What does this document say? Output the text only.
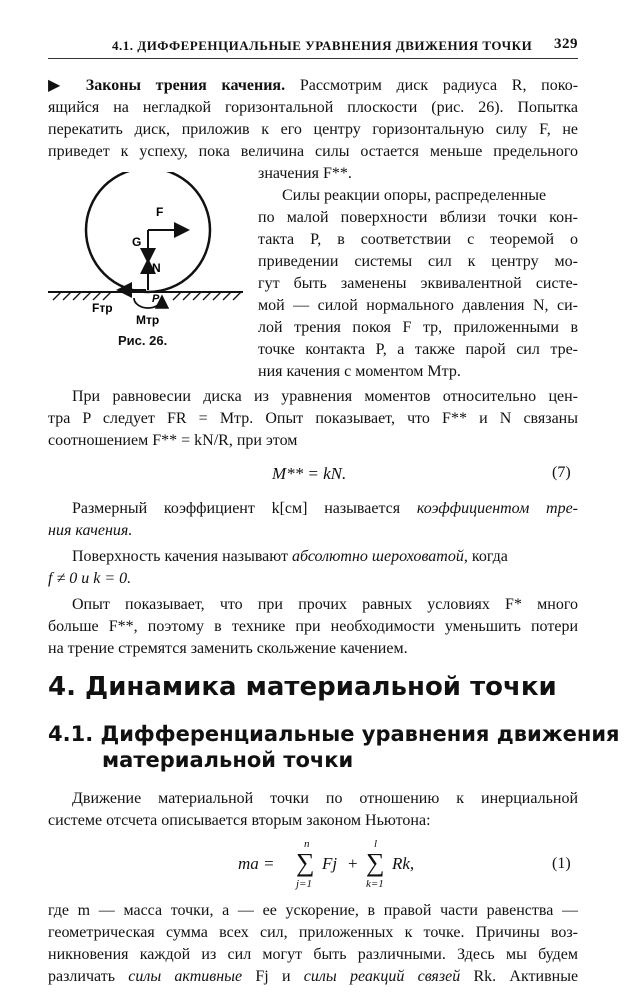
4.1. ДИФФЕРЕНЦИАЛЬНЫЕ УРАВНЕНИЯ ДВИЖЕНИЯ ТОЧКИ 329
▶ Законы трения качения. Рассмотрим диск радиуса R, поко-
ящийся на негладкой горизонтальной плоскости (рис. 26). Попытка
перекатить диск, приложив к его центру горизонтальную силу F, не
приведет к успеху, пока величина силы остается меньше предельного
значения F**.
Силы реакции опоры, распределенные
по малой поверхности вблизи точки кон-
такта P, в соответствии с теоремой о
приведении системы сил к центру мо-
гут быть заменены эквивалентной систе-
мой — силой нормального давления N, си-
лой трения покоя F тр, приложенными в
точке контакта P, а также парой сил тре-
ния качения с моментом Mтр.
F
G
N
P
Fтр
Mтр
Рис. 26.
При равновесии диска из уравнения моментов относительно цен-
тра P следует FR = Mтр. Опыт показывает, что F** и N связаны
соотношением F** = kN/R, при этом
M** = kN.	(7)
Размерный коэффициент k[см] называется коэффициентом тре-
ния качения.
Поверхность качения называют абсолютно шероховатой, когда
f ≠ 0 и k = 0.
Опыт показывает, что при прочих равных условиях F* много
больше F**, поэтому в технике при необходимости уменьшить потери
на трение стремятся заменить скольжение качением.
4. Динамика материальной точки
4.1. Дифференциальные уравнения движения
материальной точки
Движение материальной точки по отношению к инерциальной
системе отсчета описывается вторым законом Ньютона:
ma =
n
∑
j=1
Fj +
l
∑
k=1
Rk,	(1)
где m — масса точки, a — ее ускорение, в правой части равенства —
геометрическая сумма всех сил, приложенных к точке. Причины воз-
никновения каждой из сил могут быть различными. Здесь мы будем
различать силы активные Fj и силы реакций связей Rk. Активные
